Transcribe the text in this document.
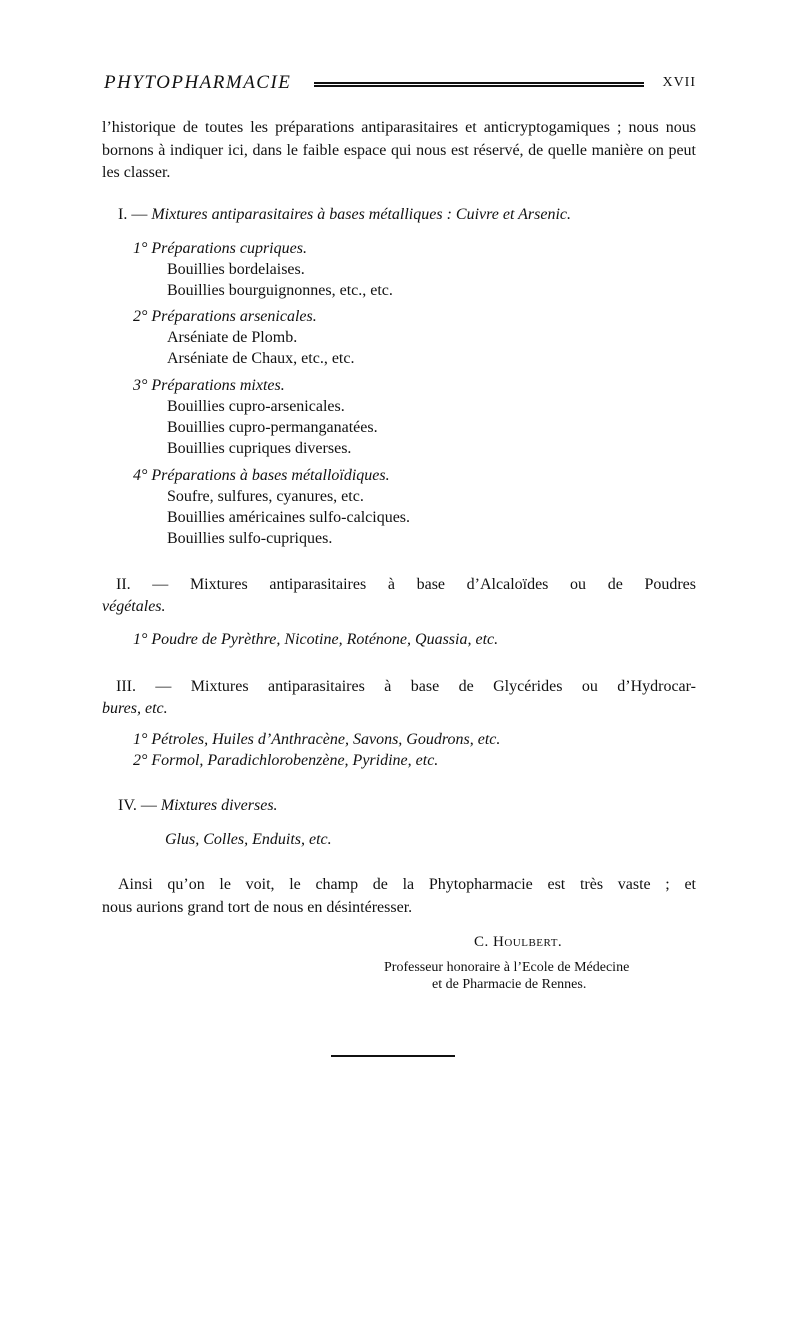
PHYTOPHARMACIE	XVII
l’historique de toutes les préparations antiparasitaires et anticryptogamiques ; nous nous bornons à indiquer ici, dans le faible espace qui nous est réservé, de quelle manière on peut les classer.
I. — Mixtures antiparasitaires à bases métalliques : Cuivre et Arsenic.
1° Préparations cupriques.
Bouillies bordelaises.
Bouillies bourguignonnes, etc., etc.
2° Préparations arsenicales.
Arséniate de Plomb.
Arséniate de Chaux, etc., etc.
3° Préparations mixtes.
Bouillies cupro-arsenicales.
Bouillies cupro-permanganatées.
Bouillies cupriques diverses.
4° Préparations à bases métalloïdiques.
Soufre, sulfures, cyanures, etc.
Bouillies américaines sulfo-calciques.
Bouillies sulfo-cupriques.
II. — Mixtures antiparasitaires à base d’Alcaloïdes ou de Poudres
végétales.
1° Poudre de Pyrèthre, Nicotine, Roténone, Quassia, etc.
III. — Mixtures antiparasitaires à base de Glycérides ou d’Hydrocar-
bures, etc.
1° Pétroles, Huiles d’Anthracène, Savons, Goudrons, etc.
2° Formol, Paradichlorobenzène, Pyridine, etc.
IV. — Mixtures diverses.
Glus, Colles, Enduits, etc.
Ainsi qu’on le voit, le champ de la Phytopharmacie est très vaste ; et
nous aurions grand tort de nous en désintéresser.
C. Houlbert.
Professeur honoraire à l’Ecole de Médecine
et de Pharmacie de Rennes.
